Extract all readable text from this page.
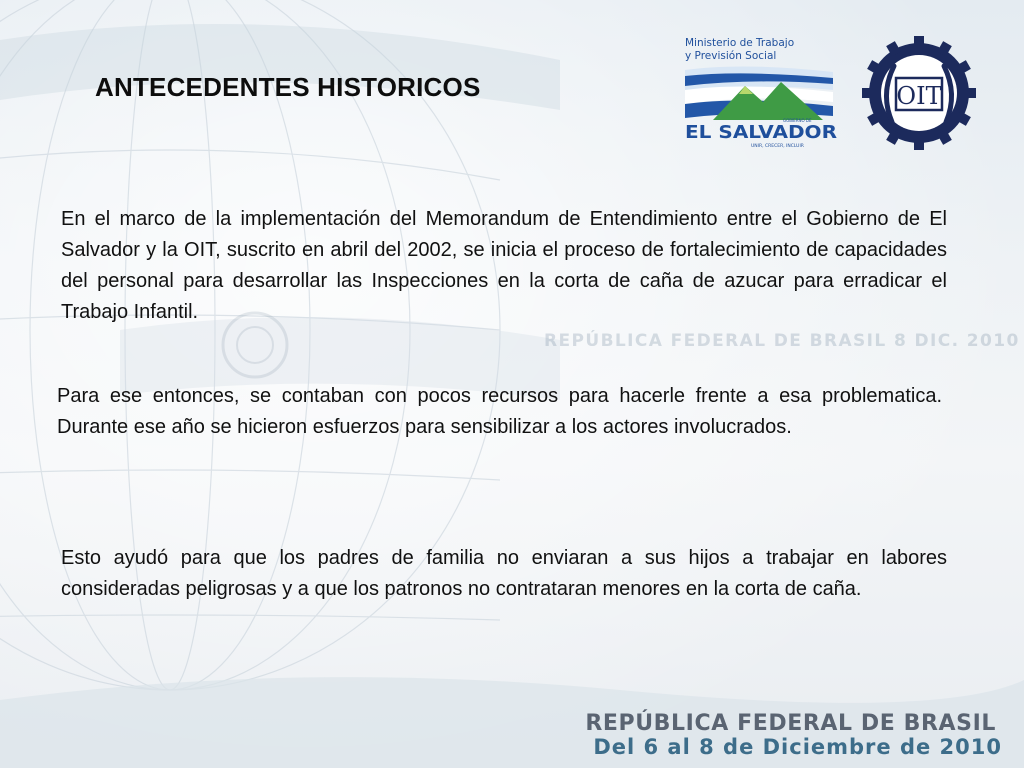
Ministerio de Trabajo
y Previsión Social
GOBIERNO DE
EL SALVADOR
UNIR, CRECER, INCLUIR
OIT
ANTECEDENTES HISTORICOS

En el marco de la implementación del Memorandum de Entendimiento entre el Gobierno de El Salvador y la OIT, suscrito en abril del 2002, se inicia el proceso de fortalecimiento de capacidades del personal para desarrollar las Inspecciones en la corta de caña de azucar para erradicar el Trabajo Infantil.

Para ese entonces, se contaban con pocos recursos para hacerle frente a esa problematica. Durante ese año se hicieron esfuerzos para sensibilizar a los actores involucrados.

Esto ayudó para que los padres de familia no enviaran a sus hijos a trabajar en labores consideradas peligrosas y a que los patronos no contrataran menores en la corta de caña.

REPÚBLICA FEDERAL DE BRASIL 8 DIC. 2010
REPÚBLICA FEDERAL DE BRASIL
Del 6 al 8 de Diciembre de 2010
